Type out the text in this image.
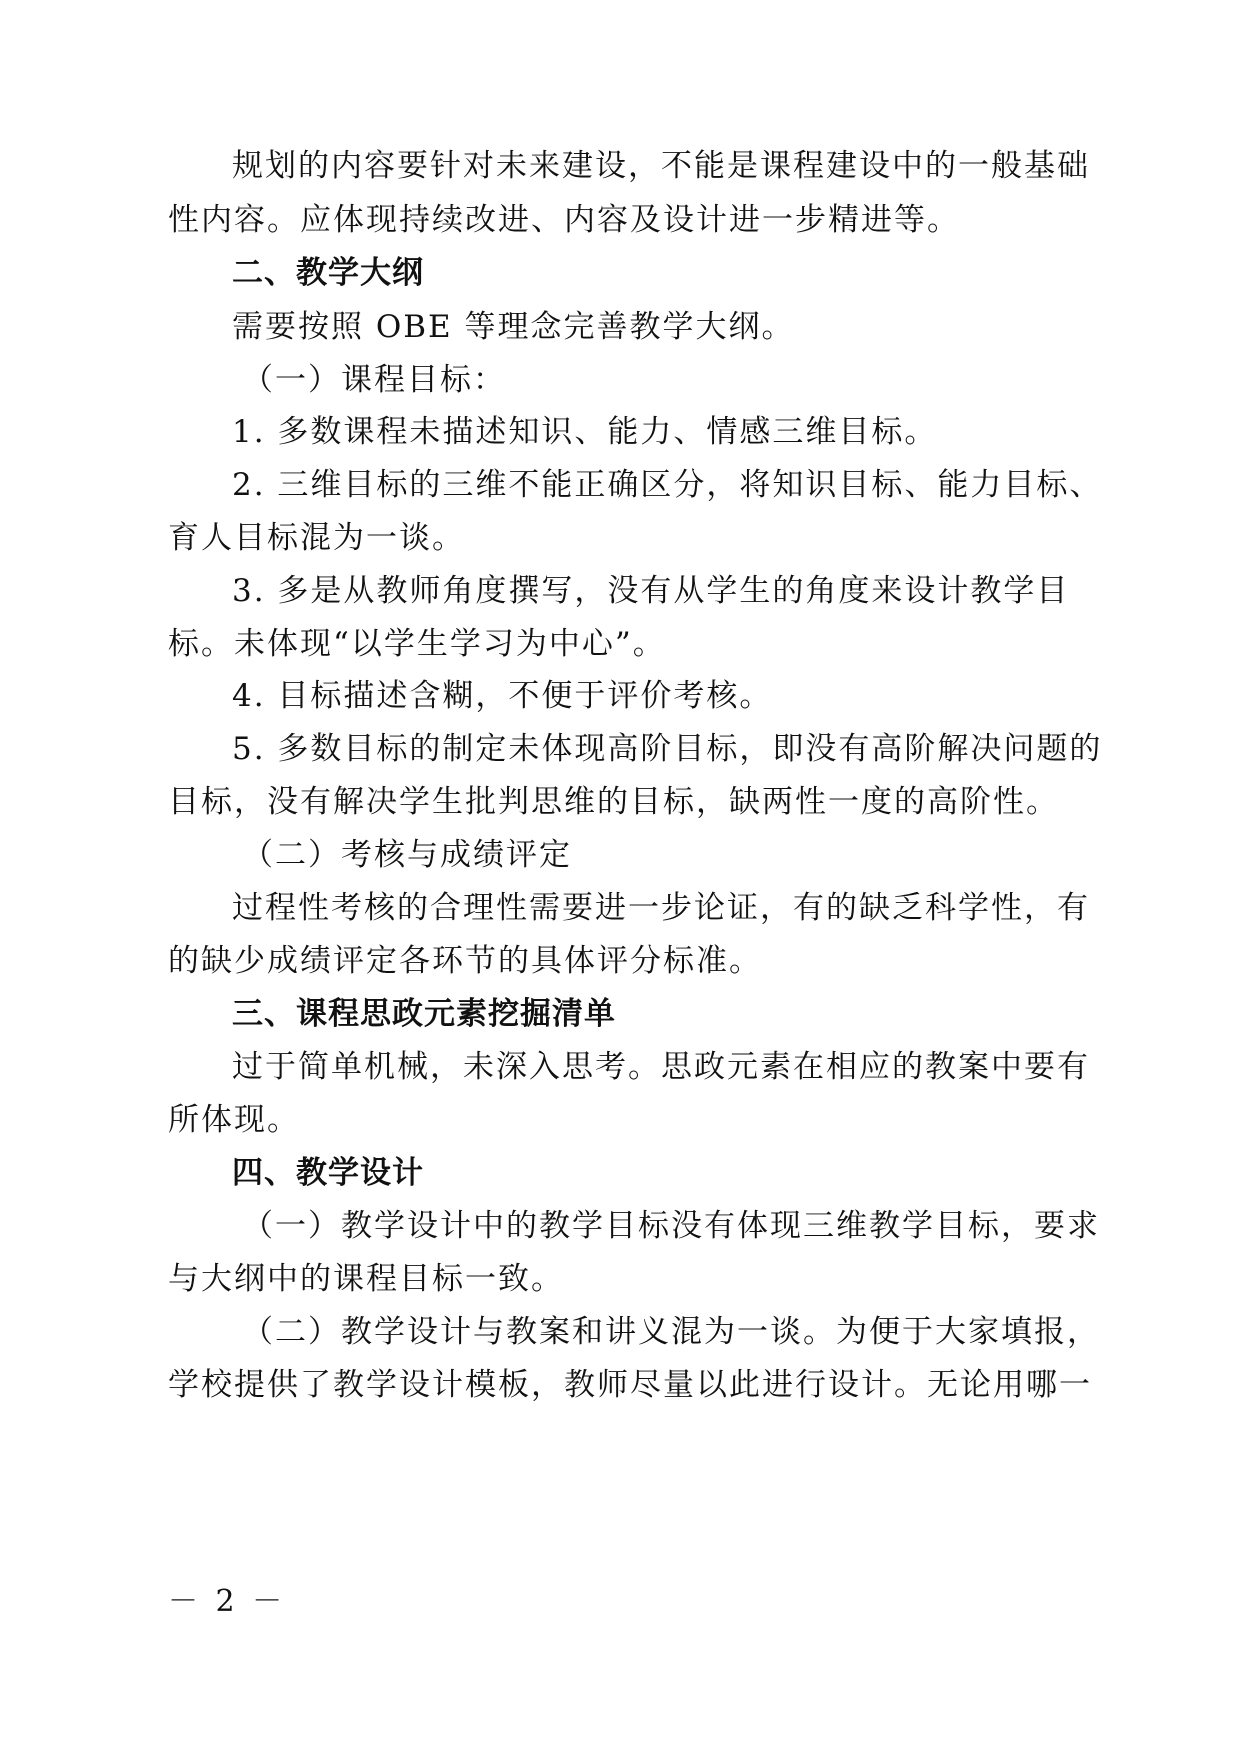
规划的内容要针对未来建设，不能是课程建设中的一般基础
性内容。应体现持续改进、内容及设计进一步精进等。
二、教学大纲
需要按照 OBE 等理念完善教学大纲。
（一）课程目标：
1. 多数课程未描述知识、能力、情感三维目标。
2. 三维目标的三维不能正确区分，将知识目标、能力目标、
育人目标混为一谈。
3. 多是从教师角度撰写，没有从学生的角度来设计教学目
标。未体现“以学生学习为中心”。
4. 目标描述含糊，不便于评价考核。
5. 多数目标的制定未体现高阶目标，即没有高阶解决问题的
目标，没有解决学生批判思维的目标，缺两性一度的高阶性。
（二）考核与成绩评定
过程性考核的合理性需要进一步论证，有的缺乏科学性，有
的缺少成绩评定各环节的具体评分标准。
三、课程思政元素挖掘清单
过于简单机械，未深入思考。思政元素在相应的教案中要有
所体现。
四、教学设计
（一）教学设计中的教学目标没有体现三维教学目标，要求
与大纲中的课程目标一致。
（二）教学设计与教案和讲义混为一谈。为便于大家填报，
学校提供了教学设计模板，教师尽量以此进行设计。无论用哪一
－ 2 －
